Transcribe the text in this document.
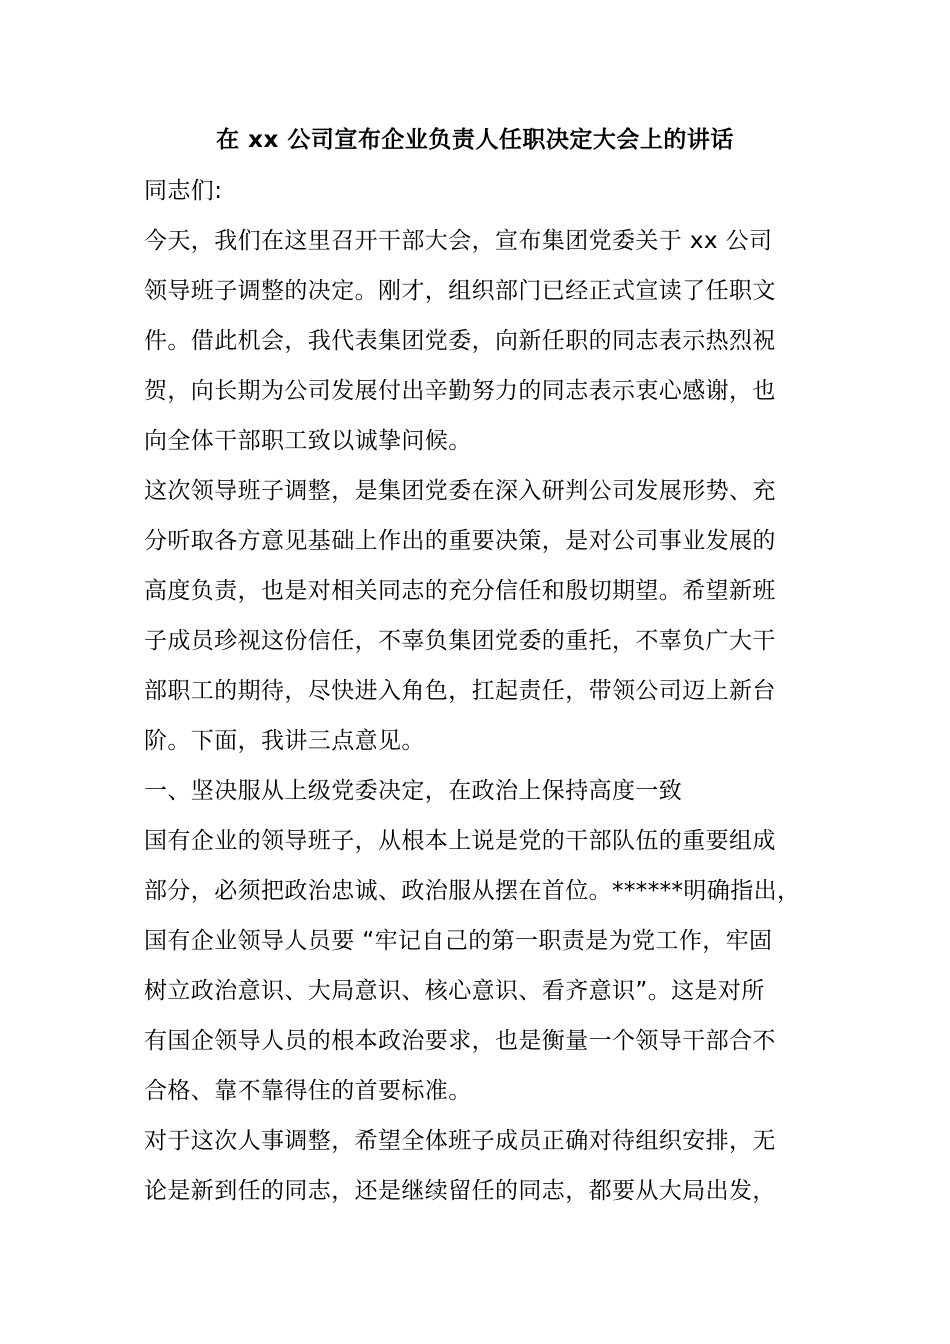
在 xx 公司宣布企业负责人任职决定大会上的讲话
同志们:
今天，我们在这里召开干部大会，宣布集团党委关于 xx 公司
领导班子调整的决定。刚才，组织部门已经正式宣读了任职文
件。借此机会，我代表集团党委，向新任职的同志表示热烈祝
贺，向长期为公司发展付出辛勤努力的同志表示衷心感谢，也
向全体干部职工致以诚挚问候。
这次领导班子调整，是集团党委在深入研判公司发展形势、充
分听取各方意见基础上作出的重要决策，是对公司事业发展的
高度负责，也是对相关同志的充分信任和殷切期望。希望新班
子成员珍视这份信任，不辜负集团党委的重托，不辜负广大干
部职工的期待，尽快进入角色，扛起责任，带领公司迈上新台
阶。下面，我讲三点意见。
一、坚决服从上级党委决定，在政治上保持高度一致
国有企业的领导班子，从根本上说是党的干部队伍的重要组成
部分，必须把政治忠诚、政治服从摆在首位。******明确指出，
国有企业领导人员要 “牢记自己的第一职责是为党工作，牢固
树立政治意识、大局意识、核心意识、看齐意识”。这是对所
有国企领导人员的根本政治要求，也是衡量一个领导干部合不
合格、靠不靠得住的首要标准。
对于这次人事调整，希望全体班子成员正确对待组织安排，无
论是新到任的同志，还是继续留任的同志，都要从大局出发，
